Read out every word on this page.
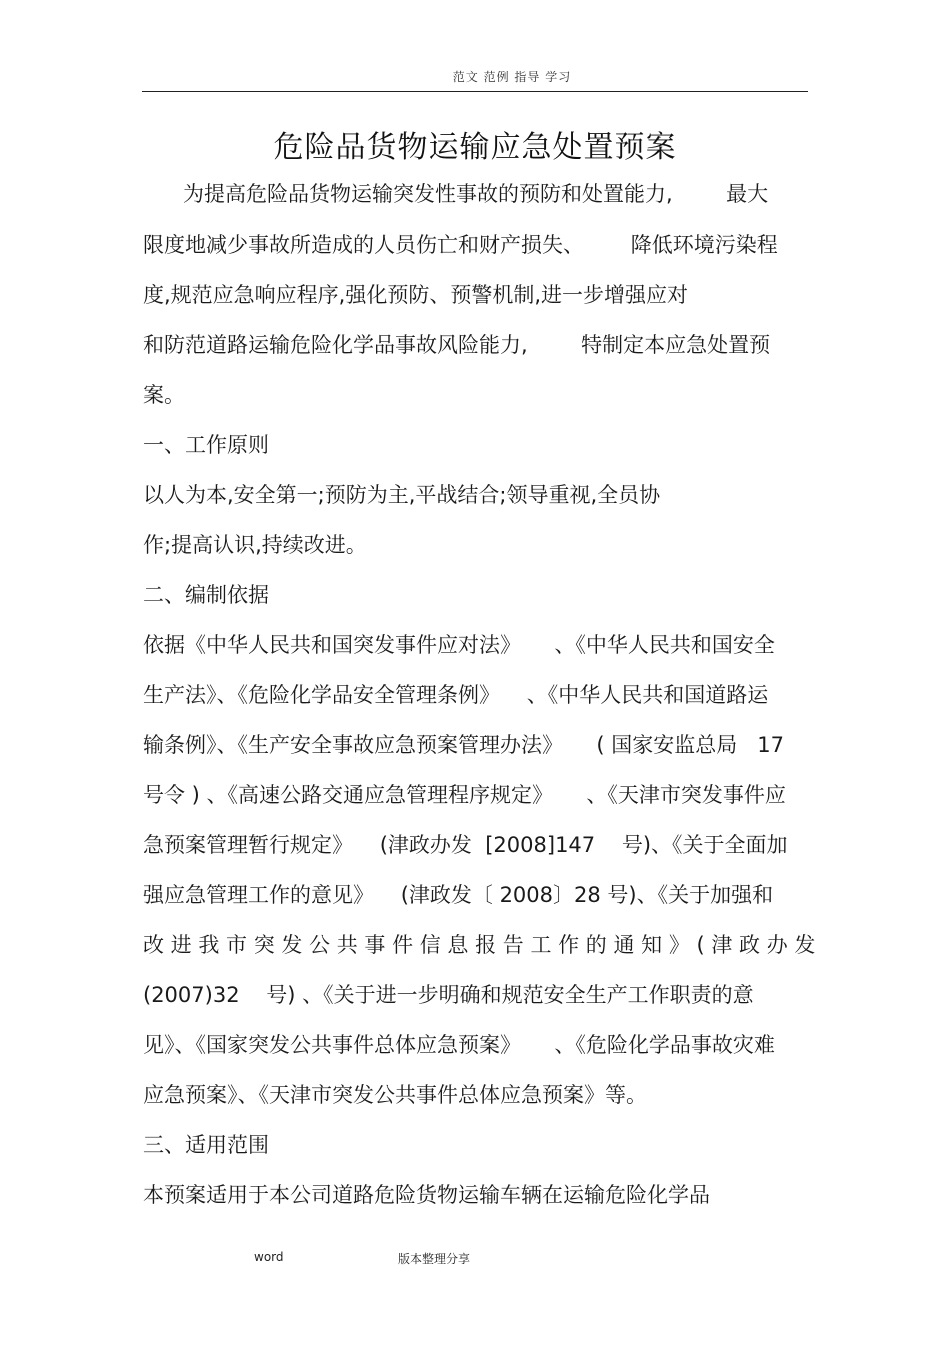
范文 范例 指导 学习
危险品货物运输应急处置预案
为提高危险品货物运输突发性事故的预防和处置能力,        最大
限度地减少事故所造成的人员伤亡和财产损失、       降低环境污染程
度,规范应急响应程序,强化预防、预警机制,进一步增强应对
和防范道路运输危险化学品事故风险能力,        特制定本应急处置预
案。
一、工作原则
以人为本,安全第一;预防为主,平战结合;领导重视,全员协
作;提高认识,持续改进。
二、编制依据
依据《中华人民共和国突发事件应对法》     、《中华人民共和国安全
生产法》、《危险化学品安全管理条例》    、《中华人民共和国道路运
输条例》、《生产安全事故应急预案管理办法》     ( 国家安监总局   17
号令 ) 、《高速公路交通应急管理程序规定》     、《天津市突发事件应
急预案管理暂行规定》    (津政办发  [2008]147    号)、《关于全面加
强应急管理工作的意见》    (津政发〔 2008〕28 号)、《关于加强和
改 进 我 市 突 发 公 共 事 件 信 息 报 告 工 作 的 通 知 》 ( 津 政 办 发
(2007)32    号) 、《关于进一步明确和规范安全生产工作职责的意
见》、《国家突发公共事件总体应急预案》     、《危险化学品事故灾难
应急预案》、《天津市突发公共事件总体应急预案》等。
三、适用范围
本预案适用于本公司道路危险货物运输车辆在运输危险化学品
word	版本整理分享
